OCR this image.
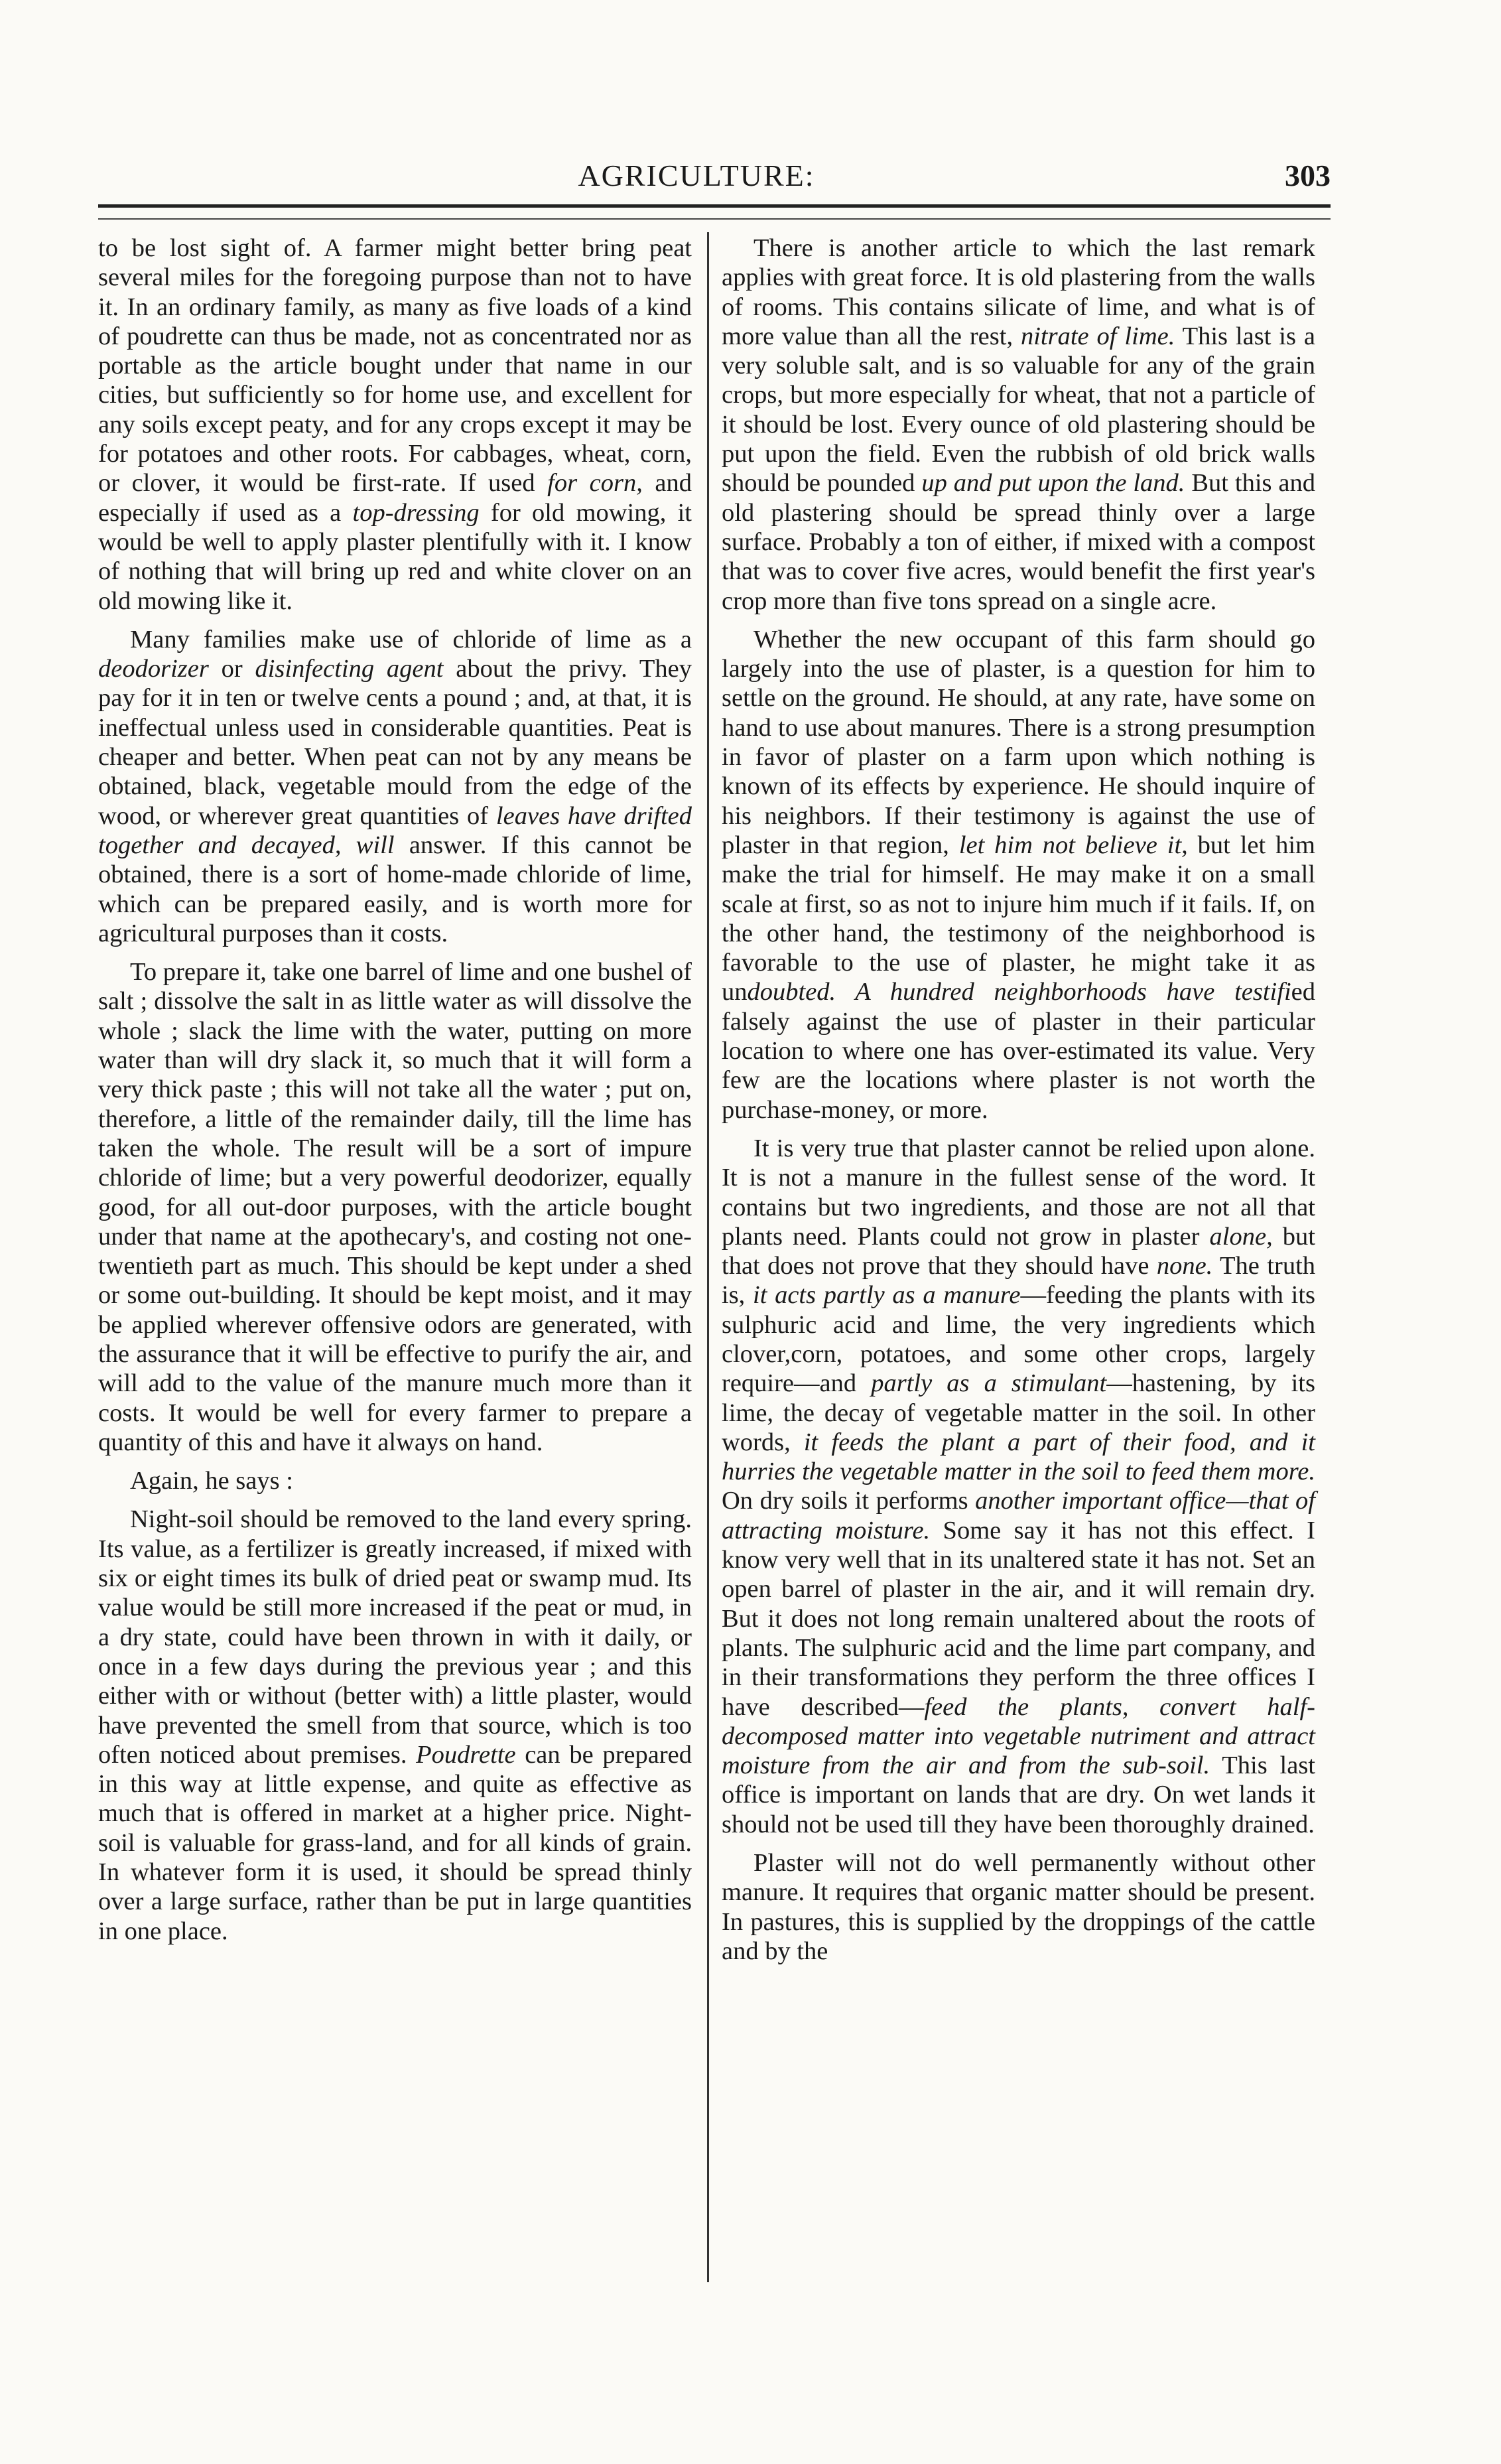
AGRICULTURE:	303

to be lost sight of. A farmer might better bring peat several miles for the foregoing purpose than not to have it. In an ordinary family, as many as five loads of a kind of poudrette can thus be made, not as concentrated nor as portable as the article bought under that name in our cities, but sufficiently so for home use, and excellent for any soils except peaty, and for any crops except it may be for potatoes and other roots. For cabbages, wheat, corn, or clover, it would be first-rate. If used for corn, and especially if used as a top-dressing for old mowing, it would be well to apply plaster plentifully with it. I know of nothing that will bring up red and white clover on an old mowing like it.

Many families make use of chloride of lime as a deodorizer or disinfecting agent about the privy. They pay for it in ten or twelve cents a pound ; and, at that, it is ineffectual unless used in considerable quantities. Peat is cheaper and better. When peat can not by any means be obtained, black, vegetable mould from the edge of the wood, or wherever great quantities of leaves have drifted together and decayed, will answer. If this cannot be obtained, there is a sort of home-made chloride of lime, which can be prepared easily, and is worth more for agricultural purposes than it costs.

To prepare it, take one barrel of lime and one bushel of salt ; dissolve the salt in as little water as will dissolve the whole ; slack the lime with the water, putting on more water than will dry slack it, so much that it will form a very thick paste ; this will not take all the water ; put on, therefore, a little of the remainder daily, till the lime has taken the whole. The result will be a sort of impure chloride of lime; but a very powerful deodorizer, equally good, for all out-door purposes, with the article bought under that name at the apothecary's, and costing not one-twentieth part as much. This should be kept under a shed or some out-building. It should be kept moist, and it may be applied wherever offensive odors are generated, with the assurance that it will be effective to purify the air, and will add to the value of the manure much more than it costs. It would be well for every farmer to prepare a quantity of this and have it always on hand.

Again, he says :

Night-soil should be removed to the land every spring. Its value, as a fertilizer is greatly increased, if mixed with six or eight times its bulk of dried peat or swamp mud. Its value would be still more increased if the peat or mud, in a dry state, could have been thrown in with it daily, or once in a few days during the previous year ; and this either with or without (better with) a little plaster, would have prevented the smell from that source, which is too often noticed about premises. Poudrette can be prepared in this way at little expense, and quite as effective as much that is offered in market at a higher price. Night-soil is valuable for grass-land, and for all kinds of grain. In whatever form it is used, it should be spread thinly over a large surface, rather than be put in large quantities in one place.

There is another article to which the last remark applies with great force. It is old plastering from the walls of rooms. This contains silicate of lime, and what is of more value than all the rest, nitrate of lime. This last is a very soluble salt, and is so valuable for any of the grain crops, but more especially for wheat, that not a particle of it should be lost. Every ounce of old plastering should be put upon the field. Even the rubbish of old brick walls should be pounded up and put upon the land. But this and old plastering should be spread thinly over a large surface. Probably a ton of either, if mixed with a compost that was to cover five acres, would benefit the first year's crop more than five tons spread on a single acre.

Whether the new occupant of this farm should go largely into the use of plaster, is a question for him to settle on the ground. He should, at any rate, have some on hand to use about manures. There is a strong presumption in favor of plaster on a farm upon which nothing is known of its effects by experience. He should inquire of his neighbors. If their testimony is against the use of plaster in that region, let him not believe it, but let him make the trial for himself. He may make it on a small scale at first, so as not to injure him much if it fails. If, on the other hand, the testimony of the neighborhood is favorable to the use of plaster, he might take it as undoubted. A hundred neighborhoods have testified falsely against the use of plaster in their particular location to where one has over-estimated its value. Very few are the locations where plaster is not worth the purchase-money, or more.

It is very true that plaster cannot be relied upon alone. It is not a manure in the fullest sense of the word. It contains but two ingredients, and those are not all that plants need. Plants could not grow in plaster alone, but that does not prove that they should have none. The truth is, it acts partly as a manure—feeding the plants with its sulphuric acid and lime, the very ingredients which clover,corn, potatoes, and some other crops, largely require—and partly as a stimulant—hastening, by its lime, the decay of vegetable matter in the soil. In other words, it feeds the plant a part of their food, and it hurries the vegetable matter in the soil to feed them more. On dry soils it performs another important office—that of attracting moisture. Some say it has not this effect. I know very well that in its unaltered state it has not. Set an open barrel of plaster in the air, and it will remain dry. But it does not long remain unaltered about the roots of plants. The sulphuric acid and the lime part company, and in their transformations they perform the three offices I have described—feed the plants, convert half-decomposed matter into vegetable nutriment and attract moisture from the air and from the sub-soil. This last office is important on lands that are dry. On wet lands it should not be used till they have been thoroughly drained.

Plaster will not do well permanently without other manure. It requires that organic matter should be present. In pastures, this is supplied by the droppings of the cattle and by the
